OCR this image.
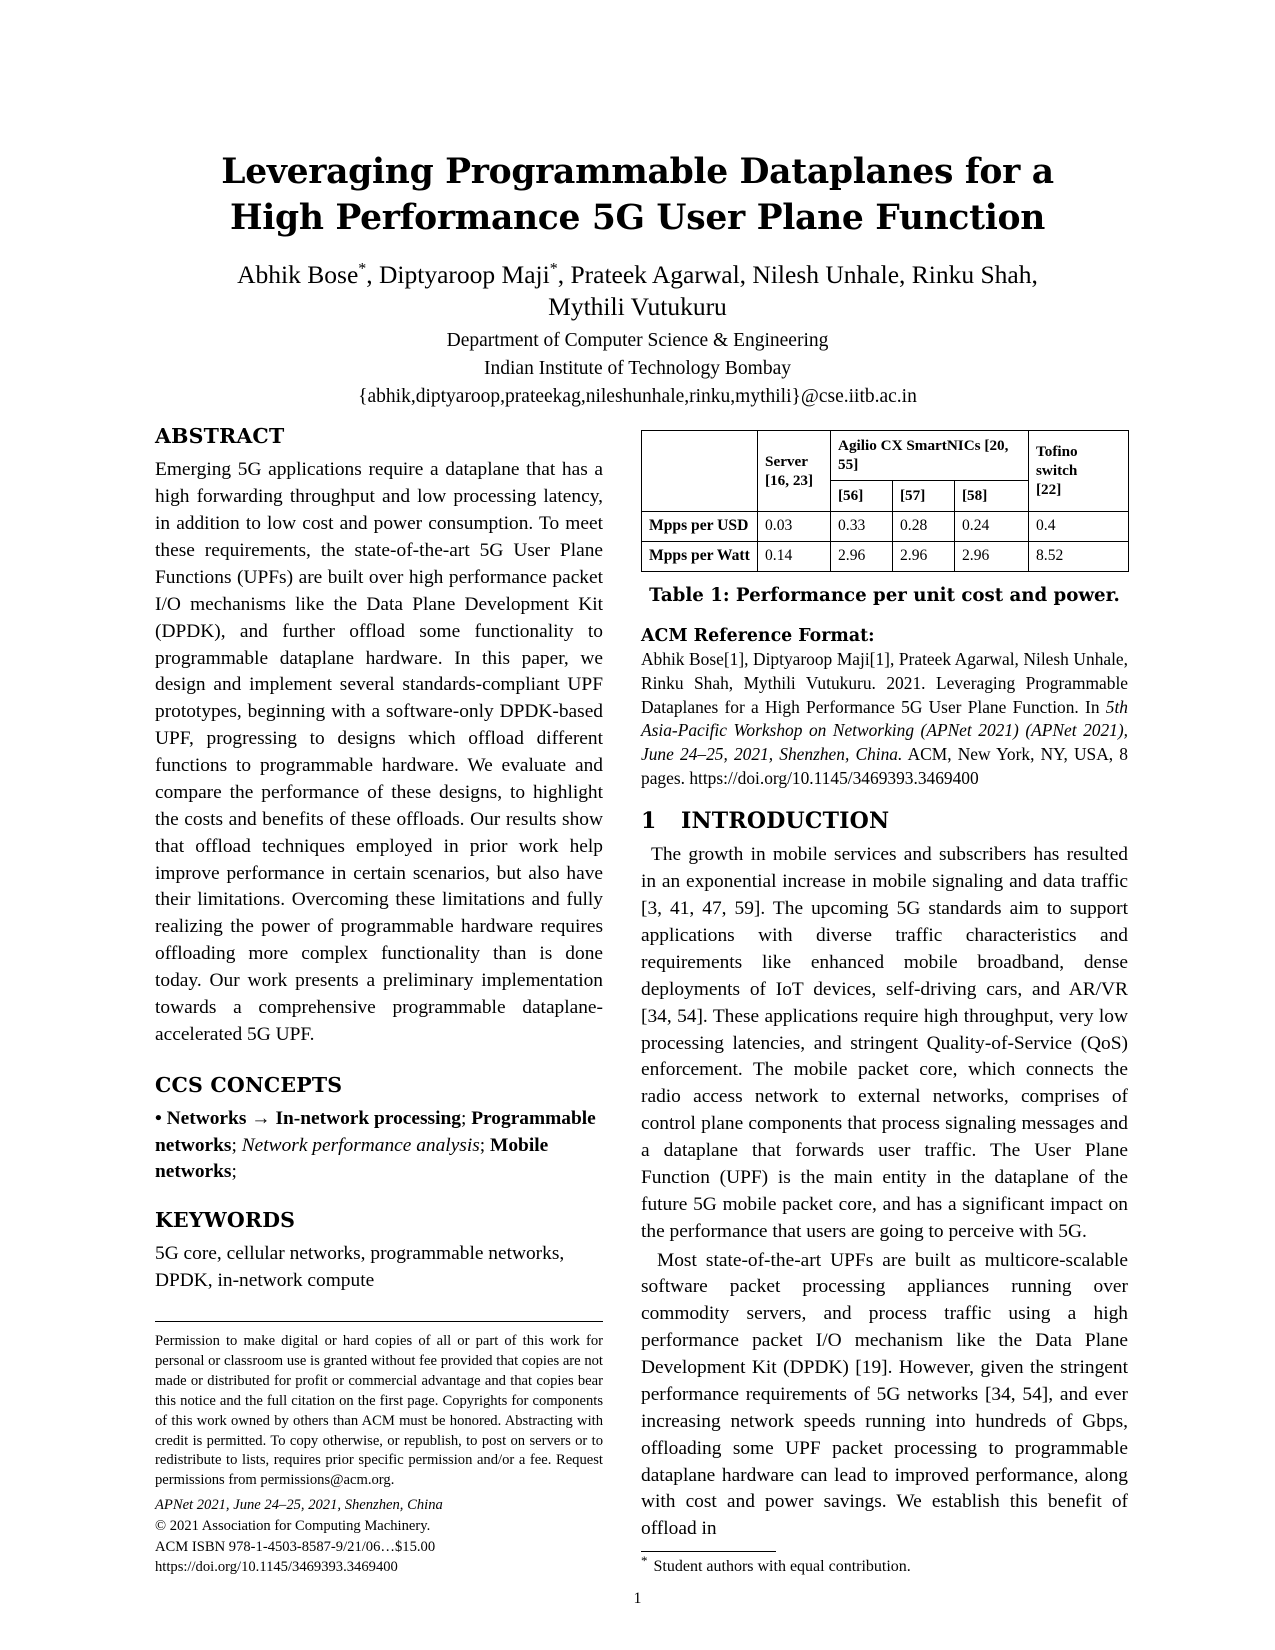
Leveraging Programmable Dataplanes for a High Performance 5G User Plane Function
Abhik Bose*, Diptyaroop Maji*, Prateek Agarwal, Nilesh Unhale, Rinku Shah,
Mythili Vutukuru
Department of Computer Science & Engineering
Indian Institute of Technology Bombay
{abhik,diptyaroop,prateekag,nileshunhale,rinku,mythili}@cse.iitb.ac.in
ABSTRACT

Emerging 5G applications require a dataplane that has a high forwarding throughput and low processing latency, in addition to low cost and power consumption. To meet these requirements, the state-of-the-art 5G User Plane Functions (UPFs) are built over high performance packet I/O mechanisms like the Data Plane Development Kit (DPDK), and further offload some functionality to programmable dataplane hardware. In this paper, we design and implement several standards-compliant UPF prototypes, beginning with a software-only DPDK-based UPF, progressing to designs which offload different functions to programmable hardware. We evaluate and compare the performance of these designs, to highlight the costs and benefits of these offloads. Our results show that offload techniques employed in prior work help improve performance in certain scenarios, but also have their limitations. Overcoming these limitations and fully realizing the power of programmable hardware requires offloading more complex functionality than is done today. Our work presents a preliminary implementation towards a comprehensive programmable dataplane-accelerated 5G UPF.

CCS CONCEPTS
• Networks → In-network processing; Programmable networks; Network performance analysis; Mobile networks;
KEYWORDS

5G core, cellular networks, programmable networks, DPDK, in-network compute

Permission to make digital or hard copies of all or part of this work for personal or classroom use is granted without fee provided that copies are not made or distributed for profit or commercial advantage and that copies bear this notice and the full citation on the first page. Copyrights for components of this work owned by others than ACM must be honored. Abstracting with credit is permitted. To copy otherwise, or republish, to post on servers or to redistribute to lists, requires prior specific permission and/or a fee. Request permissions from permissions@acm.org.

APNet 2021, June 24–25, 2021, Shenzhen, China
© 2021 Association for Computing Machinery.
ACM ISBN 978-1-4503-8587-9/21/06…$15.00
https://doi.org/10.1145/3469393.3469400
	Server
[16, 23]	Agilio CX SmartNICs [20, 55]			Tofino switch
[22]
		[56]	[57]	[58]	
Mpps per USD	0.03	0.33	0.28	0.24	0.4
Mpps per Watt	0.14	2.96	2.96	2.96	8.52
Table 1: Performance per unit cost and power.
ACM Reference Format:

Abhik Bose[1], Diptyaroop Maji[1], Prateek Agarwal, Nilesh Unhale, Rinku Shah, Mythili Vutukuru. 2021. Leveraging Programmable Dataplanes for a High Performance 5G User Plane Function. In 5th Asia-Pacific Workshop on Networking (APNet 2021) (APNet 2021), June 24–25, 2021, Shenzhen, China. ACM, New York, NY, USA, 8 pages. https://doi.org/10.1145/3469393.3469400

1 INTRODUCTION

The growth in mobile services and subscribers has resulted in an exponential increase in mobile signaling and data traffic [3, 41, 47, 59]. The upcoming 5G standards aim to support applications with diverse traffic characteristics and requirements like enhanced mobile broadband, dense deployments of IoT devices, self-driving cars, and AR/VR [34, 54]. These applications require high throughput, very low processing latencies, and stringent Quality-of-Service (QoS) enforcement. The mobile packet core, which connects the radio access network to external networks, comprises of control plane components that process signaling messages and a dataplane that forwards user traffic. The User Plane Function (UPF) is the main entity in the dataplane of the future 5G mobile packet core, and has a significant impact on the performance that users are going to perceive with 5G.

Most state-of-the-art UPFs are built as multicore-scalable software packet processing appliances running over commodity servers, and process traffic using a high performance packet I/O mechanism like the Data Plane Development Kit (DPDK) [19]. However, given the stringent performance requirements of 5G networks [34, 54], and ever increasing network speeds running into hundreds of Gbps, offloading some UPF packet processing to programmable dataplane hardware can lead to improved performance, along with cost and power savings. We establish this benefit of offload in

* Student authors with equal contribution.
1
